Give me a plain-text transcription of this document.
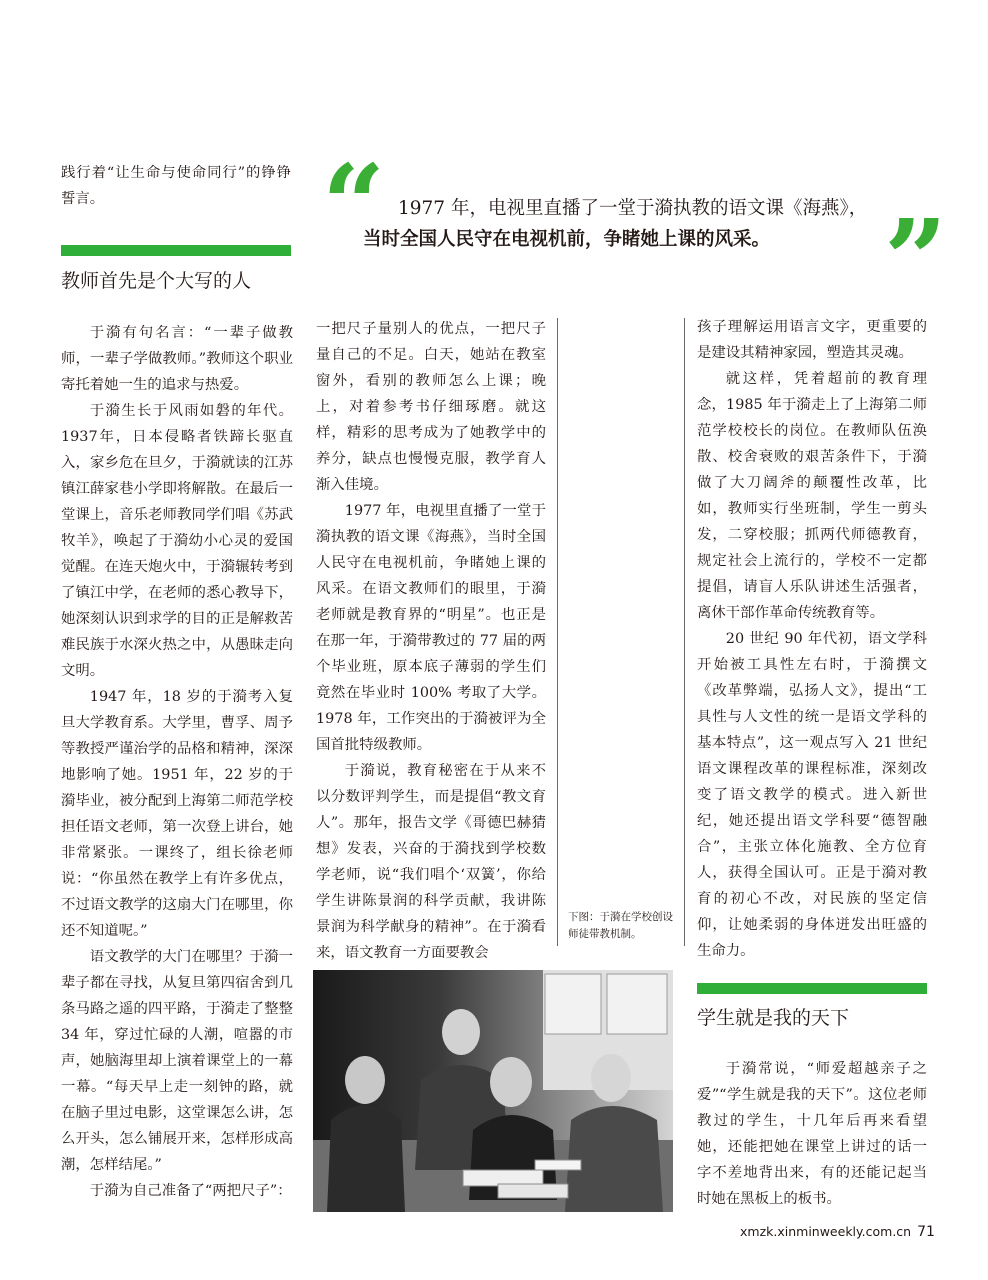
践行着“让生命与使命同行”的铮铮誓言。

教师首先是个大写的人
“ 1977 年，电视里直播了一堂于漪执教的语文课《海燕》，
当时全国人民守在电视机前，争睹她上课的风采。 ”

于漪有句名言：“一辈子做教师，一辈子学做教师。”教师这个职业寄托着她一生的追求与热爱。

于漪生长于风雨如磐的年代。1937年，日本侵略者铁蹄长驱直入，家乡危在旦夕，于漪就读的江苏镇江薛家巷小学即将解散。在最后一堂课上，音乐老师教同学们唱《苏武牧羊》，唤起了于漪幼小心灵的爱国觉醒。在连天炮火中，于漪辗转考到了镇江中学，在老师的悉心教导下，她深刻认识到求学的目的正是解救苦难民族于水深火热之中，从愚昧走向文明。

1947 年，18 岁的于漪考入复旦大学教育系。大学里，曹孚、周予等教授严谨治学的品格和精神，深深地影响了她。1951 年，22 岁的于漪毕业，被分配到上海第二师范学校担任语文老师，第一次登上讲台，她非常紧张。一课终了，组长徐老师说：“你虽然在教学上有许多优点，不过语文教学的这扇大门在哪里，你还不知道呢。”

语文教学的大门在哪里？于漪一辈子都在寻找，从复旦第四宿舍到几条马路之遥的四平路，于漪走了整整 34 年，穿过忙碌的人潮，喧嚣的市声，她脑海里却上演着课堂上的一幕一幕。“每天早上走一刻钟的路，就在脑子里过电影，这堂课怎么讲，怎么开头，怎么铺展开来，怎样形成高潮，怎样结尾。”

于漪为自己准备了“两把尺子”：

一把尺子量别人的优点，一把尺子量自己的不足。白天，她站在教室窗外，看别的教师怎么上课；晚上，对着参考书仔细琢磨。就这样，精彩的思考成为了她教学中的养分，缺点也慢慢克服，教学育人渐入佳境。

1977 年，电视里直播了一堂于漪执教的语文课《海燕》，当时全国人民守在电视机前，争睹她上课的风采。在语文教师们的眼里，于漪老师就是教育界的“明星”。也正是在那一年，于漪带教过的 77 届的两个毕业班，原本底子薄弱的学生们竟然在毕业时 100% 考取了大学。1978 年，工作突出的于漪被评为全国首批特级教师。

于漪说，教育秘密在于从来不以分数评判学生，而是提倡“教文育人”。那年，报告文学《哥德巴赫猜想》发表，兴奋的于漪找到学校数学老师，说“我们唱个‘双簧’，你给学生讲陈景润的科学贡献，我讲陈景润为科学献身的精神”。在于漪看来，语文教育一方面要教会

下图：于漪在学校创设师徒带教机制。

孩子理解运用语言文字，更重要的是建设其精神家园，塑造其灵魂。

就这样，凭着超前的教育理念，1985 年于漪走上了上海第二师范学校校长的岗位。在教师队伍涣散、校舍衰败的艰苦条件下，于漪做了大刀阔斧的颠覆性改革，比如，教师实行坐班制，学生一剪头发，二穿校服；抓两代师德教育，规定社会上流行的，学校不一定都提倡，请盲人乐队讲述生活强者，离休干部作革命传统教育等。

20 世纪 90 年代初，语文学科开始被工具性左右时，于漪撰文《改革弊端，弘扬人文》，提出“工具性与人文性的统一是语文学科的基本特点”，这一观点写入 21 世纪语文课程改革的课程标准，深刻改变了语文教学的模式。进入新世纪，她还提出语文学科要“德智融合”，主张立体化施教、全方位育人，获得全国认可。正是于漪对教育的初心不改，对民族的坚定信仰，让她柔弱的身体迸发出旺盛的生命力。

学生就是我的天下

于漪常说，“师爱超越亲子之爱”“学生就是我的天下”。这位老师教过的学生，十几年后再来看望她，还能把她在课堂上讲过的话一字不差地背出来，有的还能记起当时她在黑板上的板书。

xmzk.xinminweekly.com.cn 71
